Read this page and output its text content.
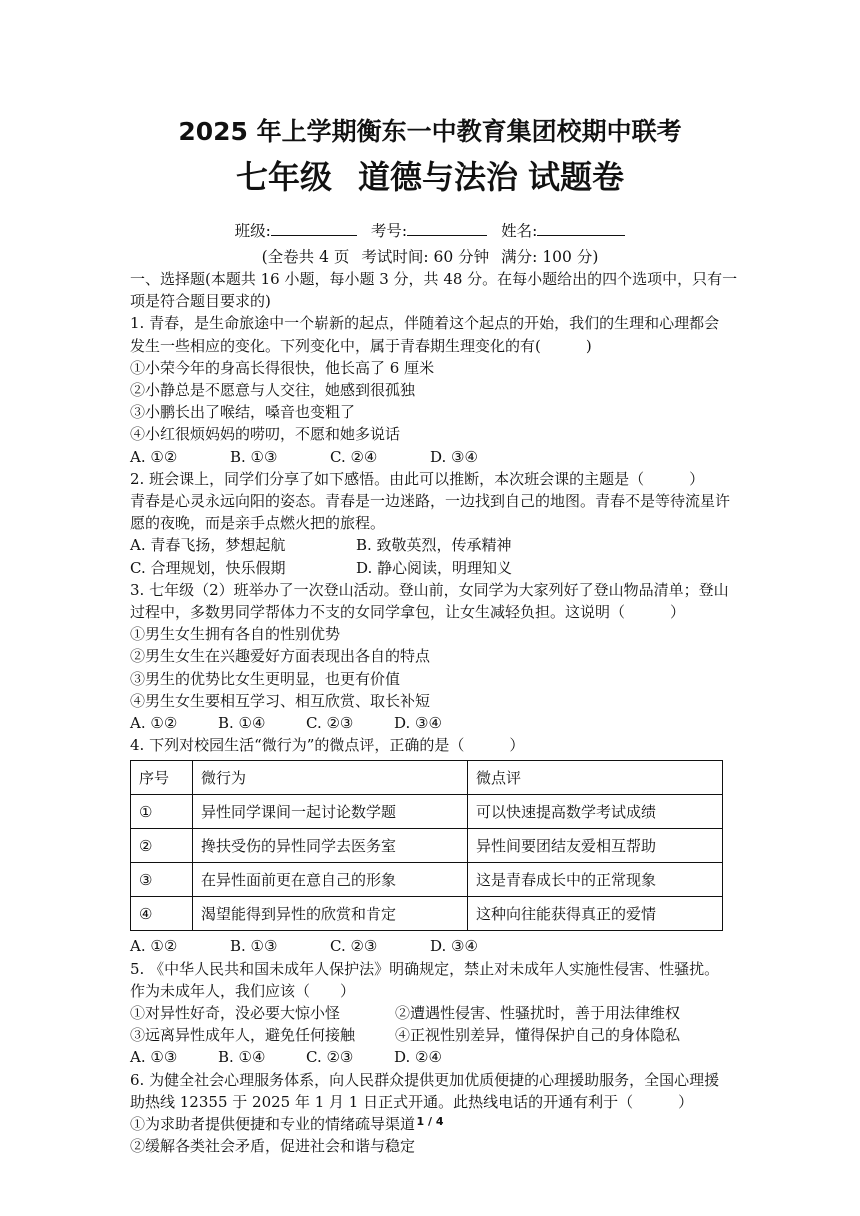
2025 年上学期衡东一中教育集团校期中联考
七年级 道德与法治 试题卷
班级:	考号:	姓名:
(全卷共 4 页 考试时间: 60 分钟 满分: 100 分)

一、选择题(本题共 16 小题，每小题 3 分，共 48 分。在每小题给出的四个选项中，只有一

项是符合题目要求的)

1. 青春，是生命旅途中一个崭新的起点，伴随着这个起点的开始，我们的生理和心理都会

发生一些相应的变化。下列变化中，属于青春期生理变化的有(　　　)

①小荣今年的身高长得很快，他长高了 6 厘米

②小静总是不愿意与人交往，她感到很孤独

③小鹏长出了喉结，嗓音也变粗了

④小红很烦妈妈的唠叨，不愿和她多说话

A. ①②	B. ①③	C. ②④	D. ③④

2. 班会课上，同学们分享了如下感悟。由此可以推断，本次班会课的主题是（　　　）

青春是心灵永远向阳的姿态。青春是一边迷路，一边找到自己的地图。青春不是等待流星许

愿的夜晚，而是亲手点燃火把的旅程。

A. 青春飞扬，梦想起航	B. 致敬英烈，传承精神

C. 合理规划，快乐假期	D. 静心阅读，明理知义

3. 七年级（2）班举办了一次登山活动。登山前，女同学为大家列好了登山物品清单；登山

过程中，多数男同学帮体力不支的女同学拿包，让女生减轻负担。这说明（　　　）

①男生女生拥有各自的性别优势

②男生女生在兴趣爱好方面表现出各自的特点

③男生的优势比女生更明显，也更有价值

④男生女生要相互学习、相互欣赏、取长补短

A. ①②	B. ①④	C. ②③	D. ③④

4. 下列对校园生活“微行为”的微点评，正确的是（　　　）

序号	微行为	微点评
①	异性同学课间一起讨论数学题	可以快速提高数学考试成绩
②	搀扶受伤的异性同学去医务室	异性间要团结友爱相互帮助
③	在异性面前更在意自己的形象	这是青春成长中的正常现象
④	渴望能得到异性的欣赏和肯定	这种向往能获得真正的爱情

A. ①②	B. ①③	C. ②③	D. ③④

5. 《中华人民共和国未成年人保护法》明确规定，禁止对未成年人实施性侵害、性骚扰。

作为未成年人，我们应该（　　）

①对异性好奇，没必要大惊小怪	②遭遇性侵害、性骚扰时，善于用法律维权

③远离异性成年人，避免任何接触	④正视性别差异，懂得保护自己的身体隐私

A. ①③	B. ①④	C. ②③	D. ②④

6. 为健全社会心理服务体系，向人民群众提供更加优质便捷的心理援助服务，全国心理援

助热线 12355 于 2025 年 1 月 1 日正式开通。此热线电话的开通有利于（　　　）

①为求助者提供便捷和专业的情绪疏导渠道

②缓解各类社会矛盾，促进社会和谐与稳定

1 / 4
